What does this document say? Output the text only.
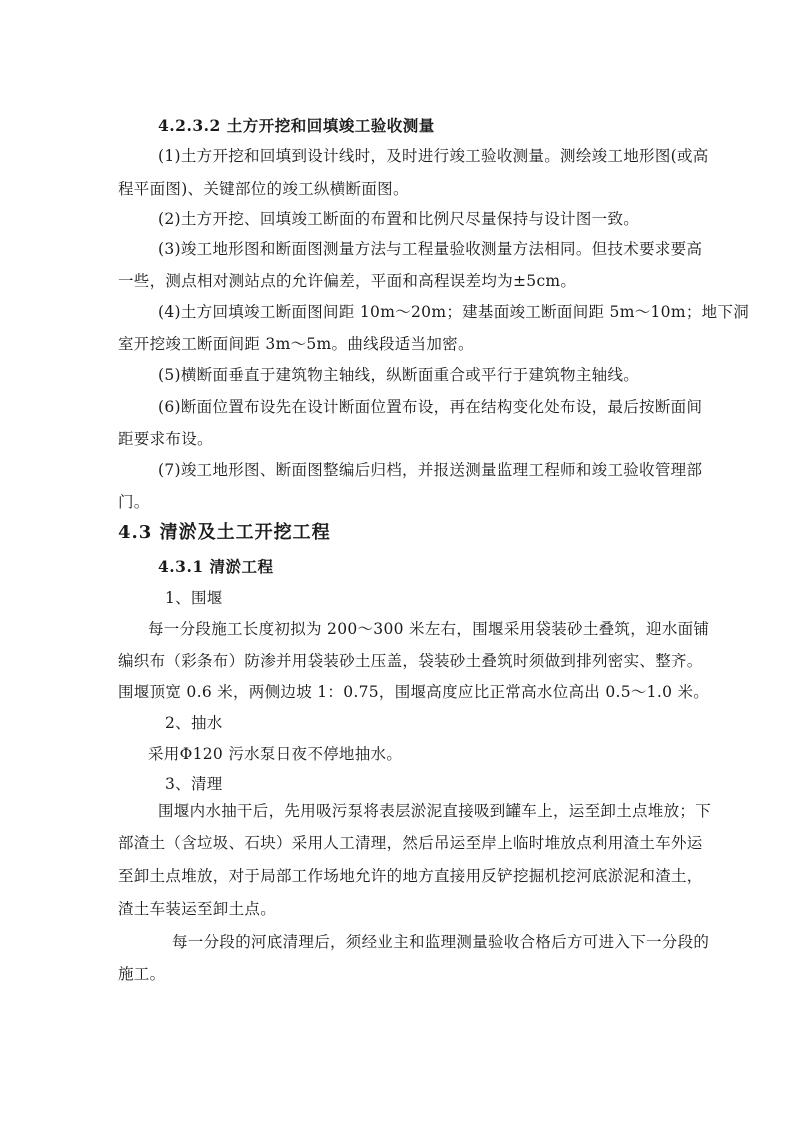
4.2.3.2 土方开挖和回填竣工验收测量
(1)土方开挖和回填到设计线时，及时进行竣工验收测量。测绘竣工地形图(或高
程平面图)、关键部位的竣工纵横断面图。
(2)土方开挖、回填竣工断面的布置和比例尺尽量保持与设计图一致。
(3)竣工地形图和断面图测量方法与工程量验收测量方法相同。但技术要求要高
一些，测点相对测站点的允许偏差，平面和高程误差均为±5cm。
(4)土方回填竣工断面图间距 10m～20m；建基面竣工断面间距 5m～10m；地下洞
室开挖竣工断面间距 3m～5m。曲线段适当加密。
(5)横断面垂直于建筑物主轴线，纵断面重合或平行于建筑物主轴线。
(6)断面位置布设先在设计断面位置布设，再在结构变化处布设，最后按断面间
距要求布设。
(7)竣工地形图、断面图整编后归档，并报送测量监理工程师和竣工验收管理部
门。
4.3 清淤及土工开挖工程
4.3.1 清淤工程
1、围堰
每一分段施工长度初拟为 200～300 米左右，围堰采用袋装砂土叠筑，迎水面铺
编织布（彩条布）防渗并用袋装砂土压盖，袋装砂土叠筑时须做到排列密实、整齐。
围堰顶宽 0.6 米，两侧边坡 1：0.75，围堰高度应比正常高水位高出 0.5～1.0 米。
2、抽水
采用Φ120 污水泵日夜不停地抽水。
3、清理
围堰内水抽干后，先用吸污泵将表层淤泥直接吸到罐车上，运至卸土点堆放；下
部渣土（含垃圾、石块）采用人工清理，然后吊运至岸上临时堆放点利用渣土车外运
至卸土点堆放，对于局部工作场地允许的地方直接用反铲挖掘机挖河底淤泥和渣土，
渣土车装运至卸土点。
每一分段的河底清理后，须经业主和监理测量验收合格后方可进入下一分段的
施工。
